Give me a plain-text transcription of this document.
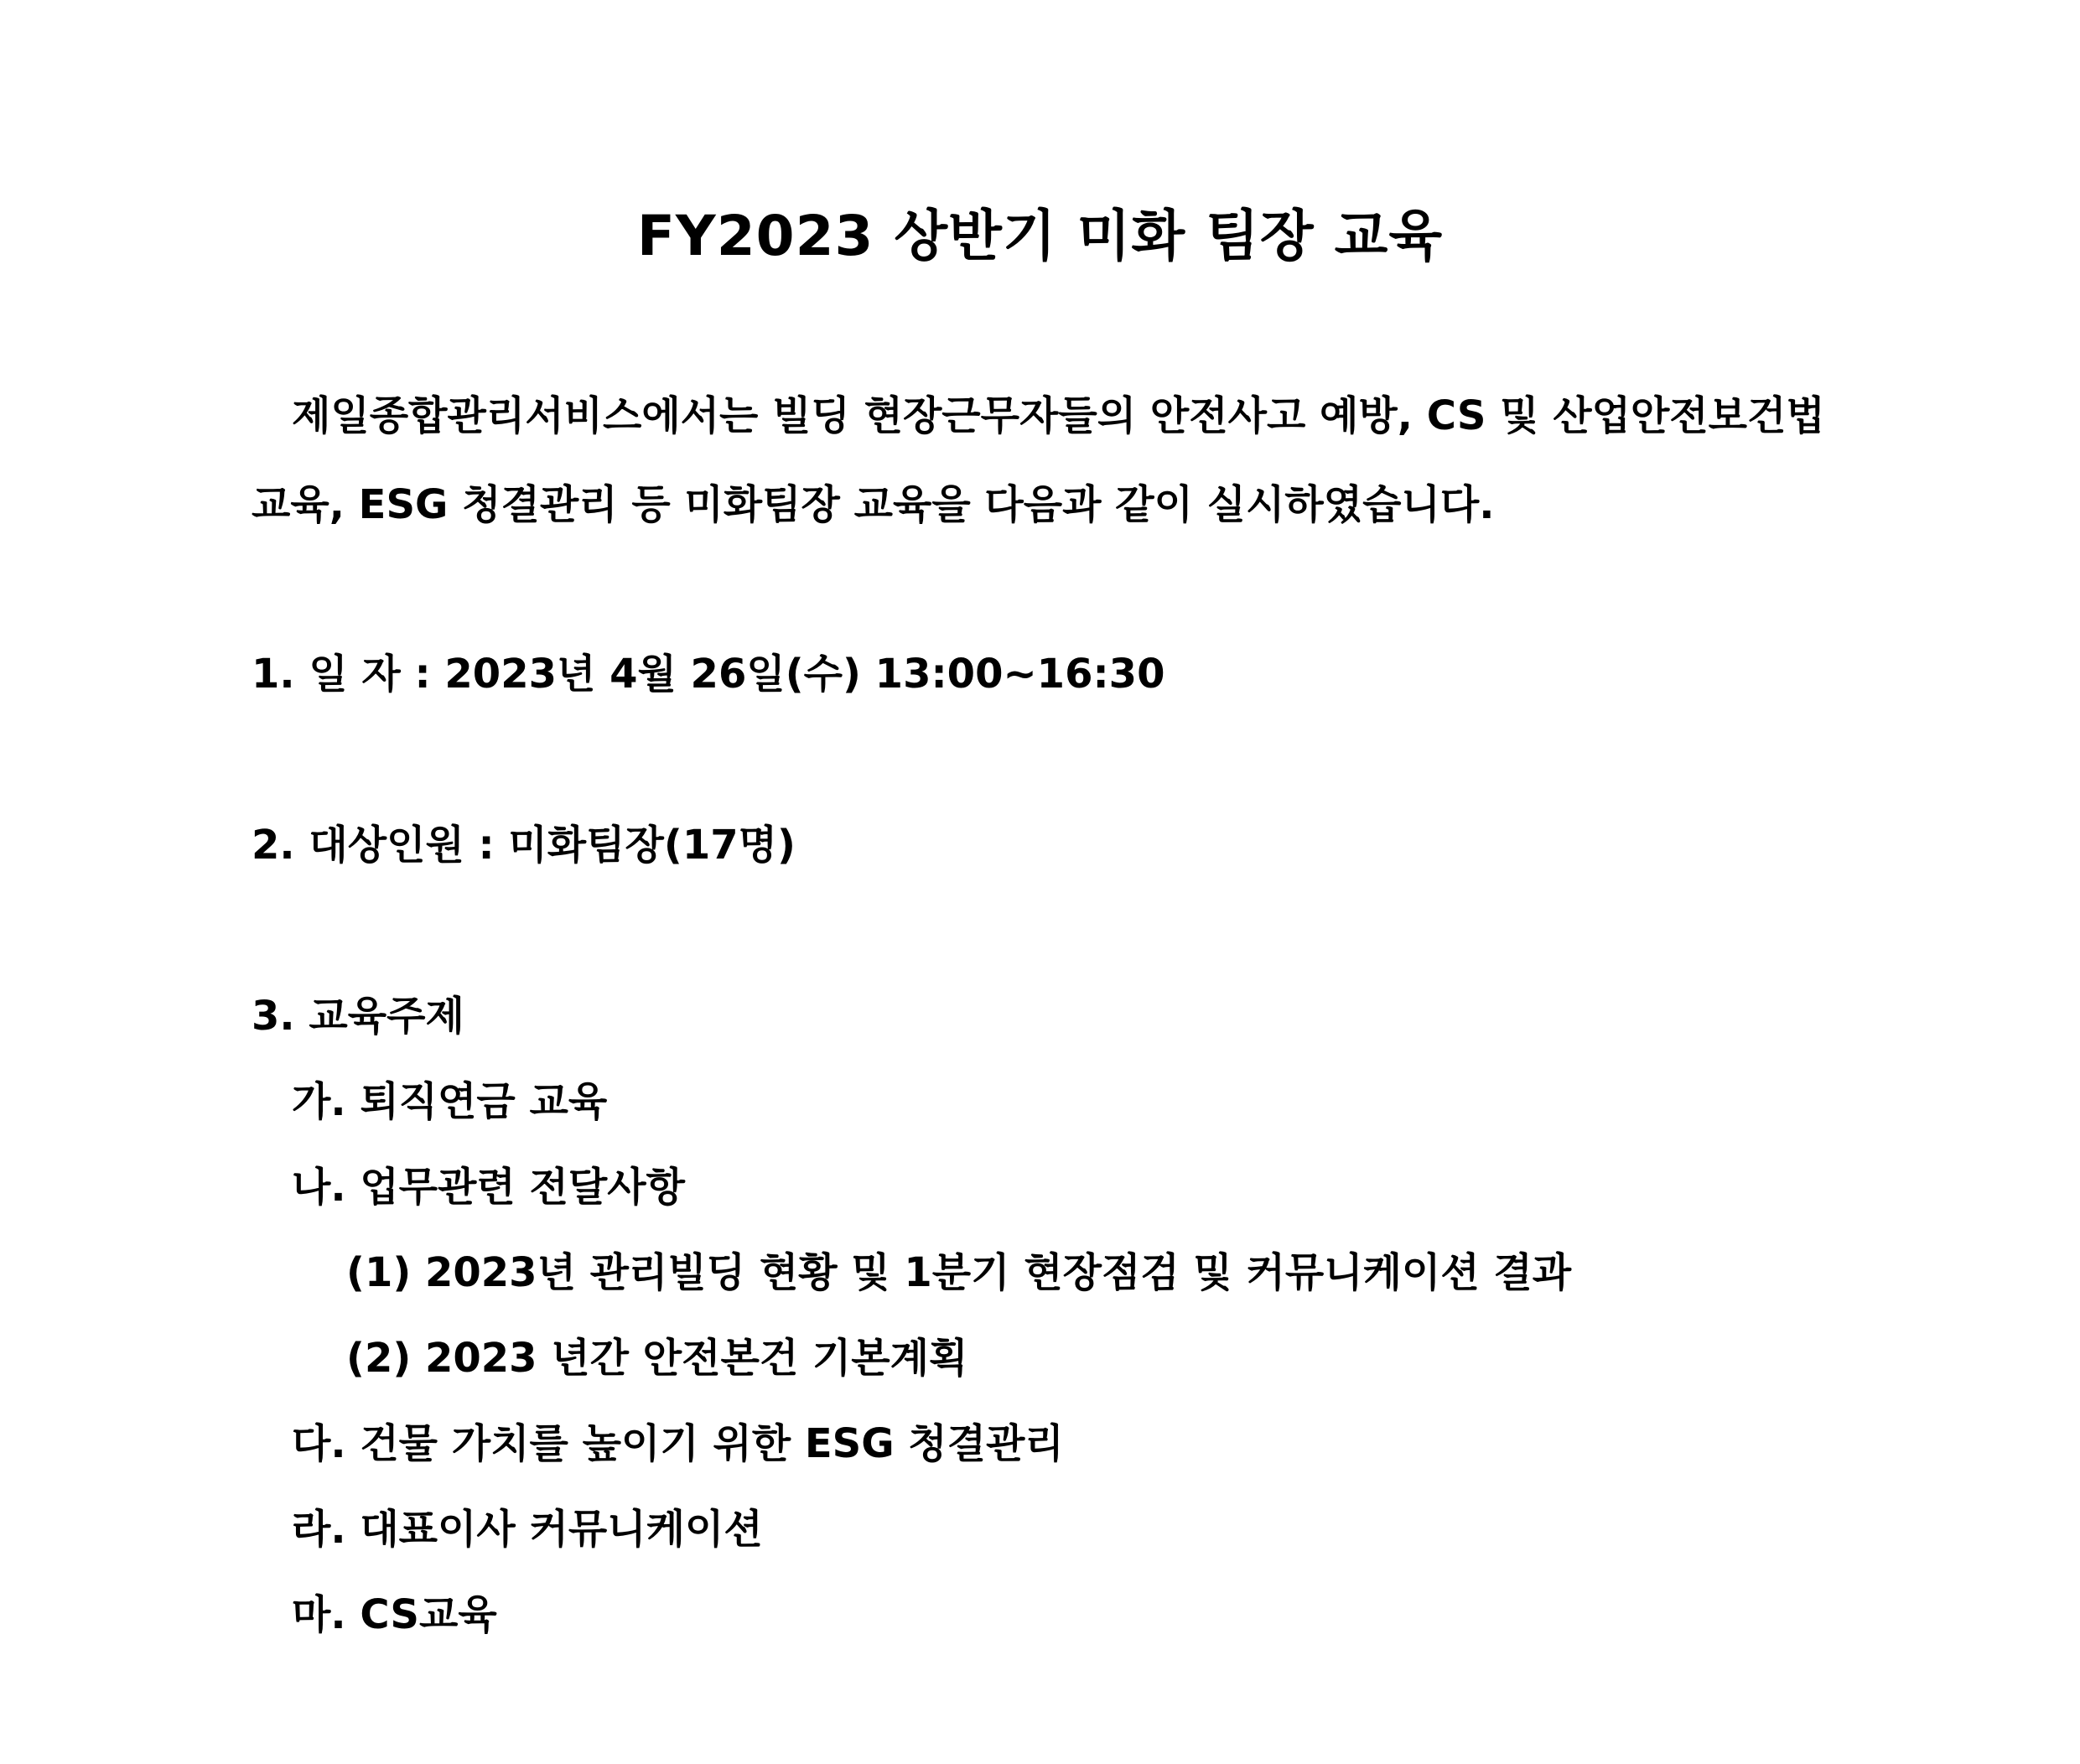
FY2023 상반기 미화 팀장 교육
제일종합관리서비스에서는 빌딩 현장근무자들의 안전사고 예방, CS 및 산업안전보건법
교육, ESG 청결관리 등 미화팀장 교육을 다음과 같이 실시하였습니다.
1. 일 자 : 2023년 4월 26일(수) 13:00~16:30
2. 대상인원 : 미화팀장(17명)
3. 교육주제
가. 퇴직연금 교육
나. 업무관련 전달사항
(1) 2023년 관리빌딩 현황 및 1분기 현장점검 및 커뮤니케이션 결과
(2) 2023 년간 안전본건 기본계획
다. 건물 가치를 높이기 위한 ESG 청결관리
라. 대표이사 커뮤니케이션
마. CS교육
